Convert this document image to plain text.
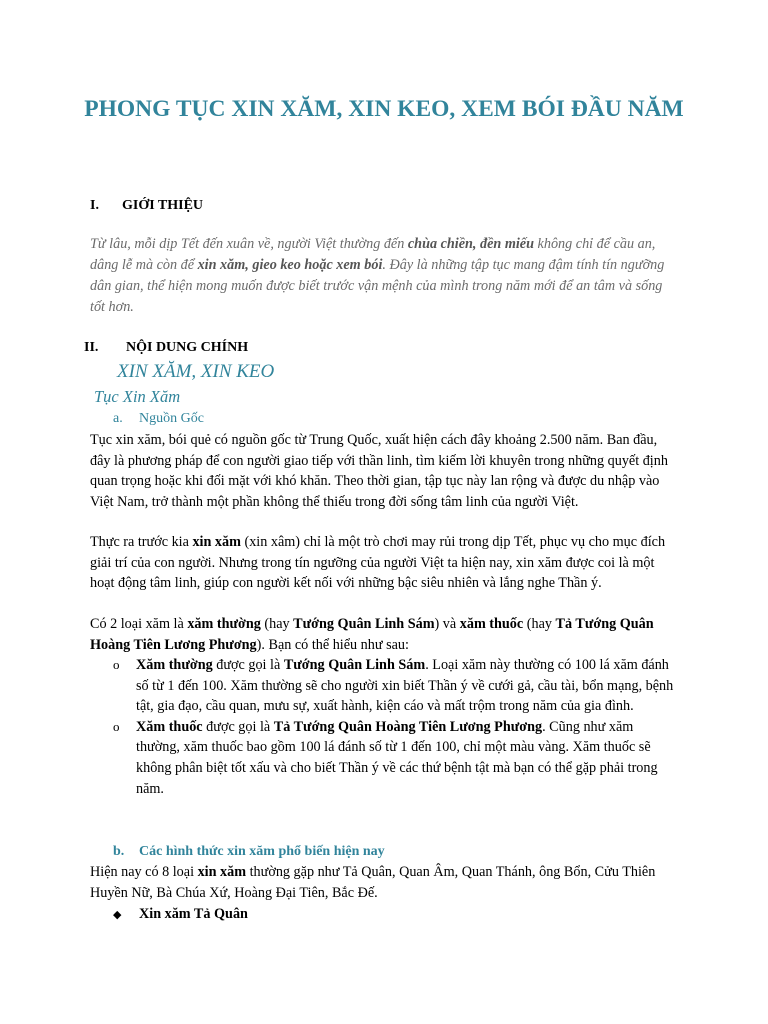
PHONG TỤC XIN XĂM, XIN KEO, XEM BÓI ĐẦU NĂM
I. GIỚI THIỆU
Từ lâu, mỗi dịp Tết đến xuân về, người Việt thường đến chùa chiền, đền miếu không chỉ để cầu an, dâng lễ mà còn để xin xăm, gieo keo hoặc xem bói. Đây là những tập tục mang đậm tính tín ngưỡng dân gian, thể hiện mong muốn được biết trước vận mệnh của mình trong năm mới để an tâm và sống tốt hơn.
II. NỘI DUNG CHÍNH
XIN XĂM, XIN KEO
Tục Xin Xăm
a. Nguồn Gốc
Tục xin xăm, bói quẻ có nguồn gốc từ Trung Quốc, xuất hiện cách đây khoảng 2.500 năm. Ban đầu, đây là phương pháp để con người giao tiếp với thần linh, tìm kiếm lời khuyên trong những quyết định quan trọng hoặc khi đối mặt với khó khăn. Theo thời gian, tập tục này lan rộng và được du nhập vào Việt Nam, trở thành một phần không thể thiếu trong đời sống tâm linh của người Việt.
Thực ra trước kia xin xăm (xin xâm) chỉ là một trò chơi may rủi trong dịp Tết, phục vụ cho mục đích giải trí của con người. Nhưng trong tín ngưỡng của người Việt ta hiện nay, xin xăm được coi là một hoạt động tâm linh, giúp con người kết nối với những bậc siêu nhiên và lắng nghe Thần ý.
Có 2 loại xăm là xăm thường (hay Tướng Quân Linh Sám) và xăm thuốc (hay Tả Tướng Quân Hoàng Tiên Lương Phương). Bạn có thể hiểu như sau:
o Xăm thường được gọi là Tướng Quân Linh Sám. Loại xăm này thường có 100 lá xăm đánh số từ 1 đến 100. Xăm thường sẽ cho người xin biết Thần ý về cưới gả, cầu tài, bổn mạng, bệnh tật, gia đạo, cầu quan, mưu sự, xuất hành, kiện cáo và mất trộm trong năm của gia đình.
o Xăm thuốc được gọi là Tả Tướng Quân Hoàng Tiên Lương Phương. Cũng như xăm thường, xăm thuốc bao gồm 100 lá đánh số từ 1 đến 100, chỉ một màu vàng. Xăm thuốc sẽ không phân biệt tốt xấu và cho biết Thần ý về các thứ bệnh tật mà bạn có thể gặp phải trong năm.
b. Các hình thức xin xăm phổ biến hiện nay
Hiện nay có 8 loại xin xăm thường gặp như Tả Quân, Quan Âm, Quan Thánh, ông Bổn, Cửu Thiên Huyền Nữ, Bà Chúa Xứ, Hoàng Đại Tiên, Bắc Đế.
◆ Xin xăm Tả Quân
